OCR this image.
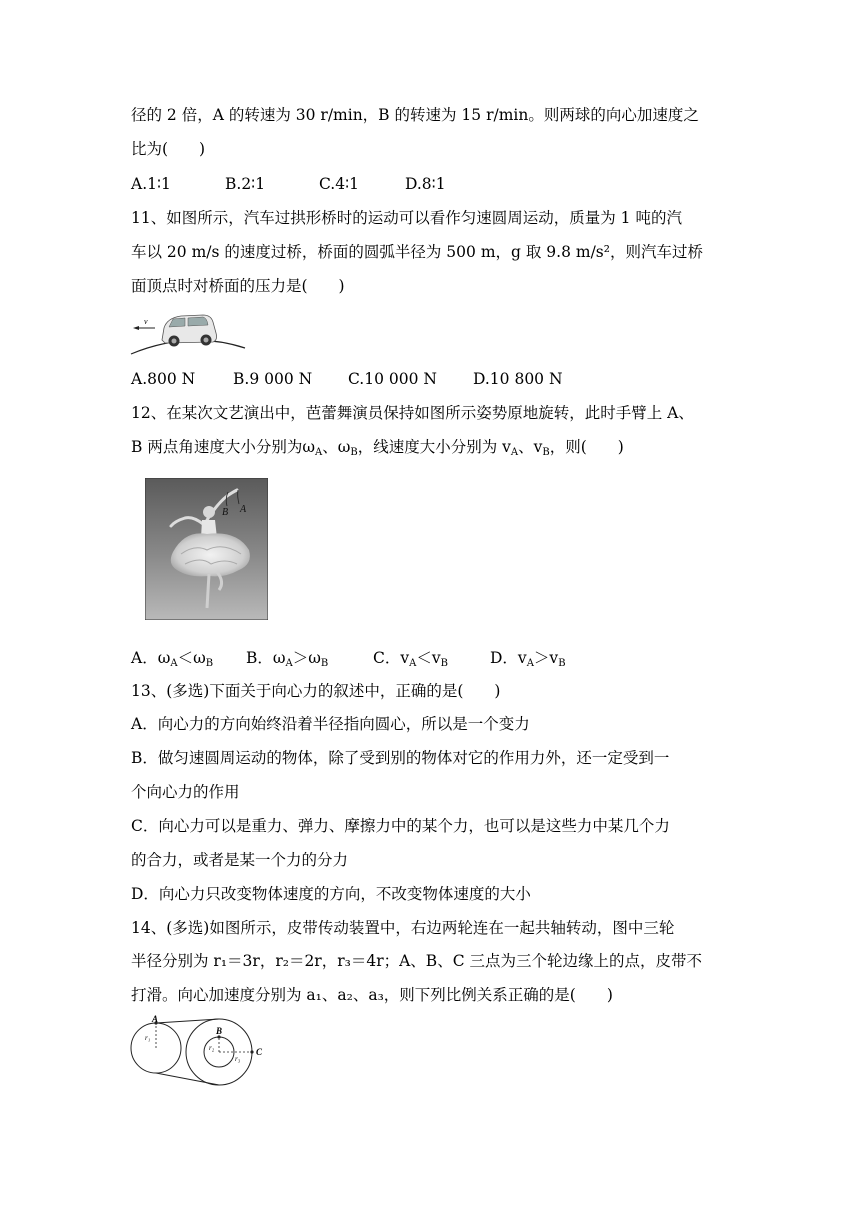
径的 2 倍，A 的转速为 30 r/min，B 的转速为 15 r/min。则两球的向心加速度之
比为(　　)
A.1∶1	B.2∶1	C.4∶1	D.8∶1
11、如图所示，汽车过拱形桥时的运动可以看作匀速圆周运动，质量为 1 吨的汽
车以 20 m/s 的速度过桥，桥面的圆弧半径为 500 m，g 取 9.8 m/s²，则汽车过桥
面顶点时对桥面的压力是(　　)
v
A.800 N B.9 000 N C.10 000 N D.10 800 N
12、在某次文艺演出中，芭蕾舞演员保持如图所示姿势原地旋转，此时手臂上 A、
B 两点角速度大小分别为$\omega_A$、$\omega_B$，线速度大小分别为 $v_A$、$v_B$，则(　　)
B A
A．$\omega_A<\omega_B$ B．$\omega_A>\omega_B$	C．$v_A<v_B$	D．$v_A>v_B$
13、(多选)下面关于向心力的叙述中，正确的是(　　)
A．向心力的方向始终沿着半径指向圆心，所以是一个变力
B．做匀速圆周运动的物体，除了受到别的物体对它的作用力外，还一定受到一
个向心力的作用
C．向心力可以是重力、弹力、摩擦力中的某个力，也可以是这些力中某几个力
的合力，或者是某一个力的分力
D．向心力只改变物体速度的方向，不改变物体速度的大小
14、(多选)如图所示，皮带传动装置中，右边两轮连在一起共轴转动，图中三轮
半径分别为 r₁＝3r，r₂＝2r，r₃＝4r；A、B、C 三点为三个轮边缘上的点，皮带不
打滑。向心加速度分别为 a₁、a₂、a₃，则下列比例关系正确的是(　　)
A
B
C
r₁
r₂
r₃
